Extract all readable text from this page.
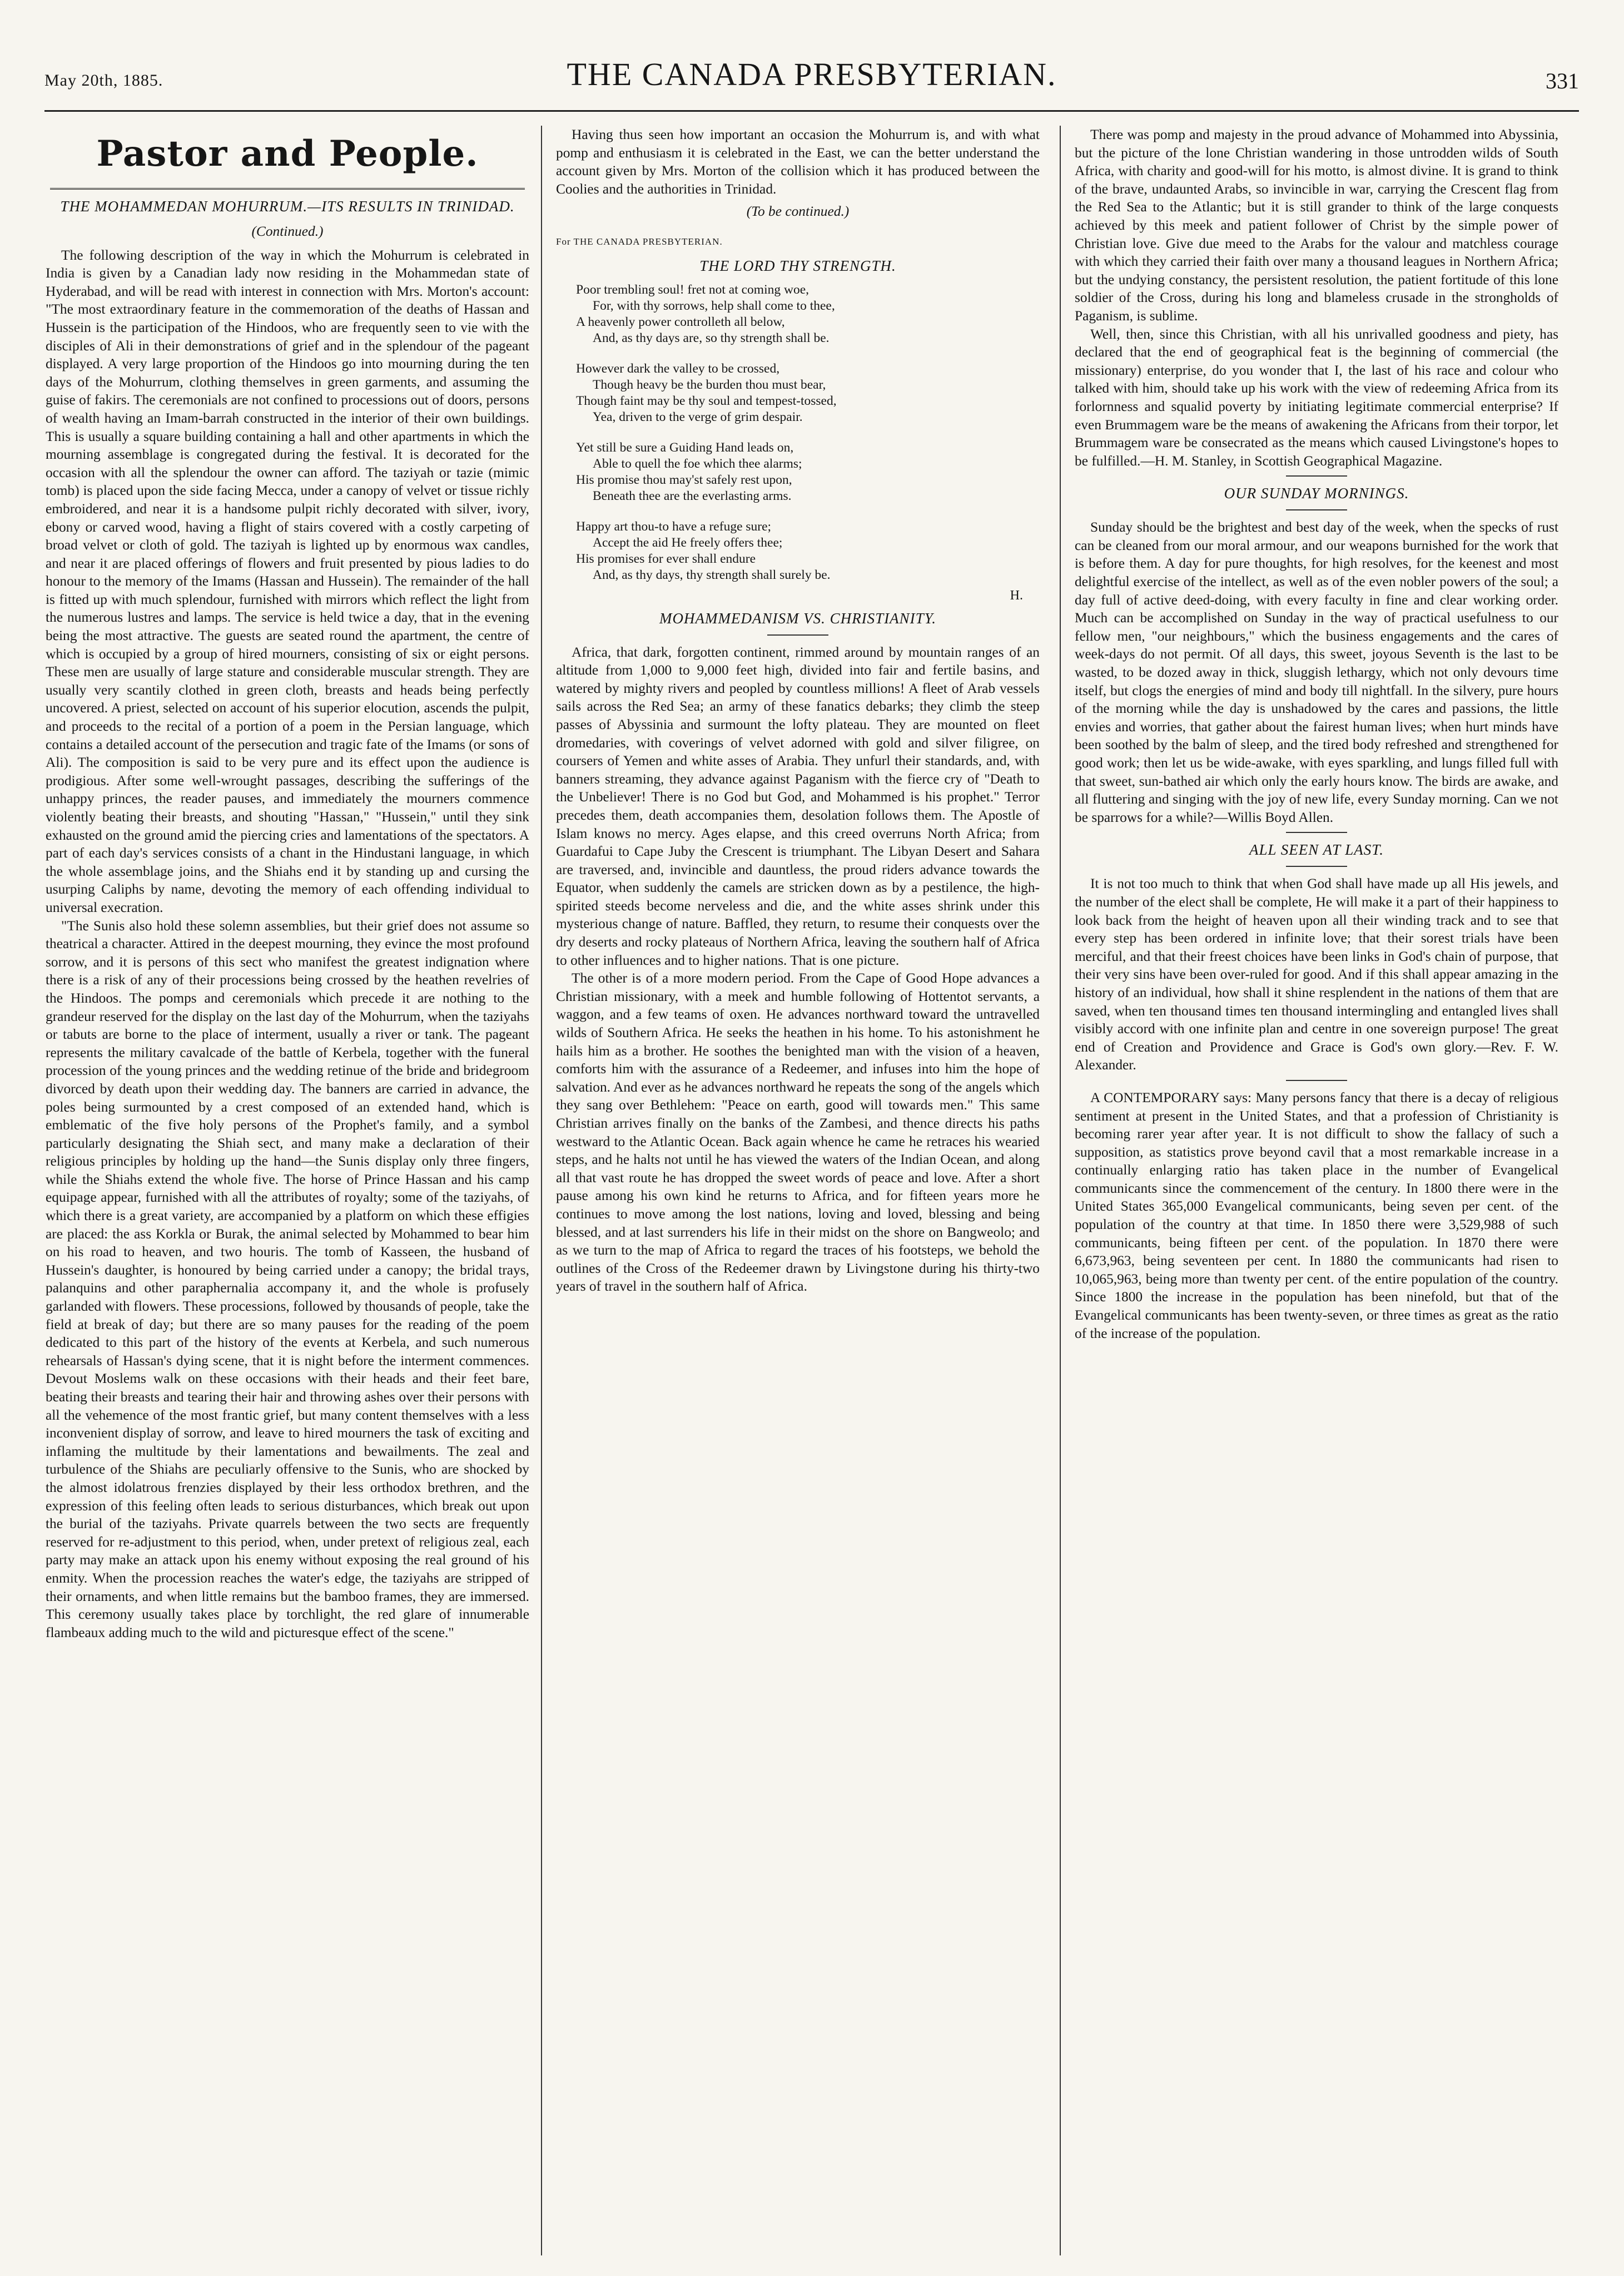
May 20th, 1885.	THE CANADA PRESBYTERIAN.	331
Pastor and People.
THE MOHAMMEDAN MOHURRUM.—ITS RESULTS IN TRINIDAD.
(Continued.)

The following description of the way in which the Mohurrum is celebrated in India is given by a Canadian lady now residing in the Mohammedan state of Hyderabad, and will be read with interest in connection with Mrs. Morton's account: "The most extraordinary feature in the commemoration of the deaths of Hassan and Hussein is the participation of the Hindoos, who are frequently seen to vie with the disciples of Ali in their demonstrations of grief and in the splendour of the pageant displayed. A very large proportion of the Hindoos go into mourning during the ten days of the Mohurrum, clothing themselves in green garments, and assuming the guise of fakirs. The ceremonials are not confined to processions out of doors, persons of wealth having an Imam-barrah constructed in the interior of their own buildings. This is usually a square building containing a hall and other apartments in which the mourning assemblage is congregated during the festival. It is decorated for the occasion with all the splendour the owner can afford. The taziyah or tazie (mimic tomb) is placed upon the side facing Mecca, under a canopy of velvet or tissue richly embroidered, and near it is a handsome pulpit richly decorated with silver, ivory, ebony or carved wood, having a flight of stairs covered with a costly carpeting of broad velvet or cloth of gold. The taziyah is lighted up by enormous wax candles, and near it are placed offerings of flowers and fruit presented by pious ladies to do honour to the memory of the Imams (Hassan and Hussein). The remainder of the hall is fitted up with much splendour, furnished with mirrors which reflect the light from the numerous lustres and lamps. The service is held twice a day, that in the evening being the most attractive. The guests are seated round the apartment, the centre of which is occupied by a group of hired mourners, consisting of six or eight persons. These men are usually of large stature and considerable muscular strength. They are usually very scantily clothed in green cloth, breasts and heads being perfectly uncovered. A priest, selected on account of his superior elocution, ascends the pulpit, and proceeds to the recital of a portion of a poem in the Persian language, which contains a detailed account of the persecution and tragic fate of the Imams (or sons of Ali). The composition is said to be very pure and its effect upon the audience is prodigious. After some well-wrought passages, describing the sufferings of the unhappy princes, the reader pauses, and immediately the mourners commence violently beating their breasts, and shouting "Hassan," "Hussein," until they sink exhausted on the ground amid the piercing cries and lamentations of the spectators. A part of each day's services consists of a chant in the Hindustani language, in which the whole assemblage joins, and the Shiahs end it by standing up and cursing the usurping Caliphs by name, devoting the memory of each offending individual to universal execration.

"The Sunis also hold these solemn assemblies, but their grief does not assume so theatrical a character. Attired in the deepest mourning, they evince the most profound sorrow, and it is persons of this sect who manifest the greatest indignation where there is a risk of any of their processions being crossed by the heathen revelries of the Hindoos. The pomps and ceremonials which precede it are nothing to the grandeur reserved for the display on the last day of the Mohurrum, when the taziyahs or tabuts are borne to the place of interment, usually a river or tank. The pageant represents the military cavalcade of the battle of Kerbela, together with the funeral procession of the young princes and the wedding retinue of the bride and bridegroom divorced by death upon their wedding day. The banners are carried in advance, the poles being surmounted by a crest composed of an extended hand, which is emblematic of the five holy persons of the Prophet's family, and a symbol particularly designating the Shiah sect, and many make a declaration of their religious principles by holding up the hand—the Sunis display only three fingers, while the Shiahs extend the whole five. The horse of Prince Hassan and his camp equipage appear, furnished with all the attributes of royalty; some of the taziyahs, of which there is a great variety, are accompanied by a platform on which these effigies are placed: the ass Korkla or Burak, the animal selected by Mohammed to bear him on his road to heaven, and two houris. The tomb of Kasseen, the husband of Hussein's daughter, is honoured by being carried under a canopy; the bridal trays, palanquins and other paraphernalia accompany it, and the whole is profusely garlanded with flowers. These processions, followed by thousands of people, take the field at break of day; but there are so many pauses for the reading of the poem dedicated to this part of the history of the events at Kerbela, and such numerous rehearsals of Hassan's dying scene, that it is night before the interment commences. Devout Moslems walk on these occasions with their heads and their feet bare, beating their breasts and tearing their hair and throwing ashes over their persons with all the vehemence of the most frantic grief, but many content themselves with a less inconvenient display of sorrow, and leave to hired mourners the task of exciting and inflaming the multitude by their lamentations and bewailments. The zeal and turbulence of the Shiahs are peculiarly offensive to the Sunis, who are shocked by the almost idolatrous frenzies displayed by their less orthodox brethren, and the expression of this feeling often leads to serious disturbances, which break out upon the burial of the taziyahs. Private quarrels between the two sects are frequently reserved for re-adjustment to this period, when, under pretext of religious zeal, each party may make an attack upon his enemy without exposing the real ground of his enmity. When the procession reaches the water's edge, the taziyahs are stripped of their ornaments, and when little remains but the bamboo frames, they are immersed. This ceremony usually takes place by torchlight, the red glare of innumerable flambeaux adding much to the wild and picturesque effect of the scene."

Having thus seen how important an occasion the Mohurrum is, and with what pomp and enthusiasm it is celebrated in the East, we can the better understand the account given by Mrs. Morton of the collision which it has produced between the Coolies and the authorities in Trinidad.

(To be continued.)
For THE CANADA PRESBYTERIAN.
THE LORD THY STRENGTH.
Poor trembling soul! fret not at coming woe,
For, with thy sorrows, help shall come to thee,
A heavenly power controlleth all below,
And, as thy days are, so thy strength shall be.
However dark the valley to be crossed,
Though heavy be the burden thou must bear,
Though faint may be thy soul and tempest-tossed,
Yea, driven to the verge of grim despair.
Yet still be sure a Guiding Hand leads on,
Able to quell the foe which thee alarms;
His promise thou may'st safely rest upon,
Beneath thee are the everlasting arms.
Happy art thou-to have a refuge sure;
Accept the aid He freely offers thee;
His promises for ever shall endure
And, as thy days, thy strength shall surely be.
H.
MOHAMMEDANISM VS. CHRISTIANITY.

Africa, that dark, forgotten continent, rimmed around by mountain ranges of an altitude from 1,000 to 9,000 feet high, divided into fair and fertile basins, and watered by mighty rivers and peopled by countless millions! A fleet of Arab vessels sails across the Red Sea; an army of these fanatics debarks; they climb the steep passes of Abyssinia and surmount the lofty plateau. They are mounted on fleet dromedaries, with coverings of velvet adorned with gold and silver filigree, on coursers of Yemen and white asses of Arabia. They unfurl their standards, and, with banners streaming, they advance against Paganism with the fierce cry of "Death to the Unbeliever! There is no God but God, and Mohammed is his prophet." Terror precedes them, death accompanies them, desolation follows them. The Apostle of Islam knows no mercy. Ages elapse, and this creed overruns North Africa; from Guardafui to Cape Juby the Crescent is triumphant. The Libyan Desert and Sahara are traversed, and, invincible and dauntless, the proud riders advance towards the Equator, when suddenly the camels are stricken down as by a pestilence, the high-spirited steeds become nerveless and die, and the white asses shrink under this mysterious change of nature. Baffled, they return, to resume their conquests over the dry deserts and rocky plateaus of Northern Africa, leaving the southern half of Africa to other influences and to higher nations. That is one picture.

The other is of a more modern period. From the Cape of Good Hope advances a Christian missionary, with a meek and humble following of Hottentot servants, a waggon, and a few teams of oxen. He advances northward toward the untravelled wilds of Southern Africa. He seeks the heathen in his home. To his astonishment he hails him as a brother. He soothes the benighted man with the vision of a heaven, comforts him with the assurance of a Redeemer, and infuses into him the hope of salvation. And ever as he advances northward he repeats the song of the angels which they sang over Bethlehem: "Peace on earth, good will towards men." This same Christian arrives finally on the banks of the Zambesi, and thence directs his paths westward to the Atlantic Ocean. Back again whence he came he retraces his wearied steps, and he halts not until he has viewed the waters of the Indian Ocean, and along all that vast route he has dropped the sweet words of peace and love. After a short pause among his own kind he returns to Africa, and for fifteen years more he continues to move among the lost nations, loving and loved, blessing and being blessed, and at last surrenders his life in their midst on the shore on Bangweolo; and as we turn to the map of Africa to regard the traces of his footsteps, we behold the outlines of the Cross of the Redeemer drawn by Livingstone during his thirty-two years of travel in the southern half of Africa.

There was pomp and majesty in the proud advance of Mohammed into Abyssinia, but the picture of the lone Christian wandering in those untrodden wilds of South Africa, with charity and good-will for his motto, is almost divine. It is grand to think of the brave, undaunted Arabs, so invincible in war, carrying the Crescent flag from the Red Sea to the Atlantic; but it is still grander to think of the large conquests achieved by this meek and patient follower of Christ by the simple power of Christian love. Give due meed to the Arabs for the valour and matchless courage with which they carried their faith over many a thousand leagues in Northern Africa; but the undying constancy, the persistent resolution, the patient fortitude of this lone soldier of the Cross, during his long and blameless crusade in the strongholds of Paganism, is sublime.

Well, then, since this Christian, with all his unrivalled goodness and piety, has declared that the end of geographical feat is the beginning of commercial (the missionary) enterprise, do you wonder that I, the last of his race and colour who talked with him, should take up his work with the view of redeeming Africa from its forlornness and squalid poverty by initiating legitimate commercial enterprise? If even Brummagem ware be the means of awakening the Africans from their torpor, let Brummagem ware be consecrated as the means which caused Livingstone's hopes to be fulfilled.—H. M. Stanley, in Scottish Geographical Magazine.

OUR SUNDAY MORNINGS.

Sunday should be the brightest and best day of the week, when the specks of rust can be cleaned from our moral armour, and our weapons burnished for the work that is before them. A day for pure thoughts, for high resolves, for the keenest and most delightful exercise of the intellect, as well as of the even nobler powers of the soul; a day full of active deed-doing, with every faculty in fine and clear working order. Much can be accomplished on Sunday in the way of practical usefulness to our fellow men, "our neighbours," which the business engagements and the cares of week-days do not permit. Of all days, this sweet, joyous Seventh is the last to be wasted, to be dozed away in thick, sluggish lethargy, which not only devours time itself, but clogs the energies of mind and body till nightfall. In the silvery, pure hours of the morning while the day is unshadowed by the cares and passions, the little envies and worries, that gather about the fairest human lives; when hurt minds have been soothed by the balm of sleep, and the tired body refreshed and strengthened for good work; then let us be wide-awake, with eyes sparkling, and lungs filled full with that sweet, sun-bathed air which only the early hours know. The birds are awake, and all fluttering and singing with the joy of new life, every Sunday morning. Can we not be sparrows for a while?—Willis Boyd Allen.

ALL SEEN AT LAST.

It is not too much to think that when God shall have made up all His jewels, and the number of the elect shall be complete, He will make it a part of their happiness to look back from the height of heaven upon all their winding track and to see that every step has been ordered in infinite love; that their sorest trials have been merciful, and that their freest choices have been links in God's chain of purpose, that their very sins have been over-ruled for good. And if this shall appear amazing in the history of an individual, how shall it shine resplendent in the nations of them that are saved, when ten thousand times ten thousand intermingling and entangled lives shall visibly accord with one infinite plan and centre in one sovereign purpose! The great end of Creation and Providence and Grace is God's own glory.—Rev. F. W. Alexander.

A CONTEMPORARY says: Many persons fancy that there is a decay of religious sentiment at present in the United States, and that a profession of Christianity is becoming rarer year after year. It is not difficult to show the fallacy of such a supposition, as statistics prove beyond cavil that a most remarkable increase in a continually enlarging ratio has taken place in the number of Evangelical communicants since the commencement of the century. In 1800 there were in the United States 365,000 Evangelical communicants, being seven per cent. of the population of the country at that time. In 1850 there were 3,529,988 of such communicants, being fifteen per cent. of the population. In 1870 there were 6,673,963, being seventeen per cent. In 1880 the communicants had risen to 10,065,963, being more than twenty per cent. of the entire population of the country. Since 1800 the increase in the population has been ninefold, but that of the Evangelical communicants has been twenty-seven, or three times as great as the ratio of the increase of the population.
